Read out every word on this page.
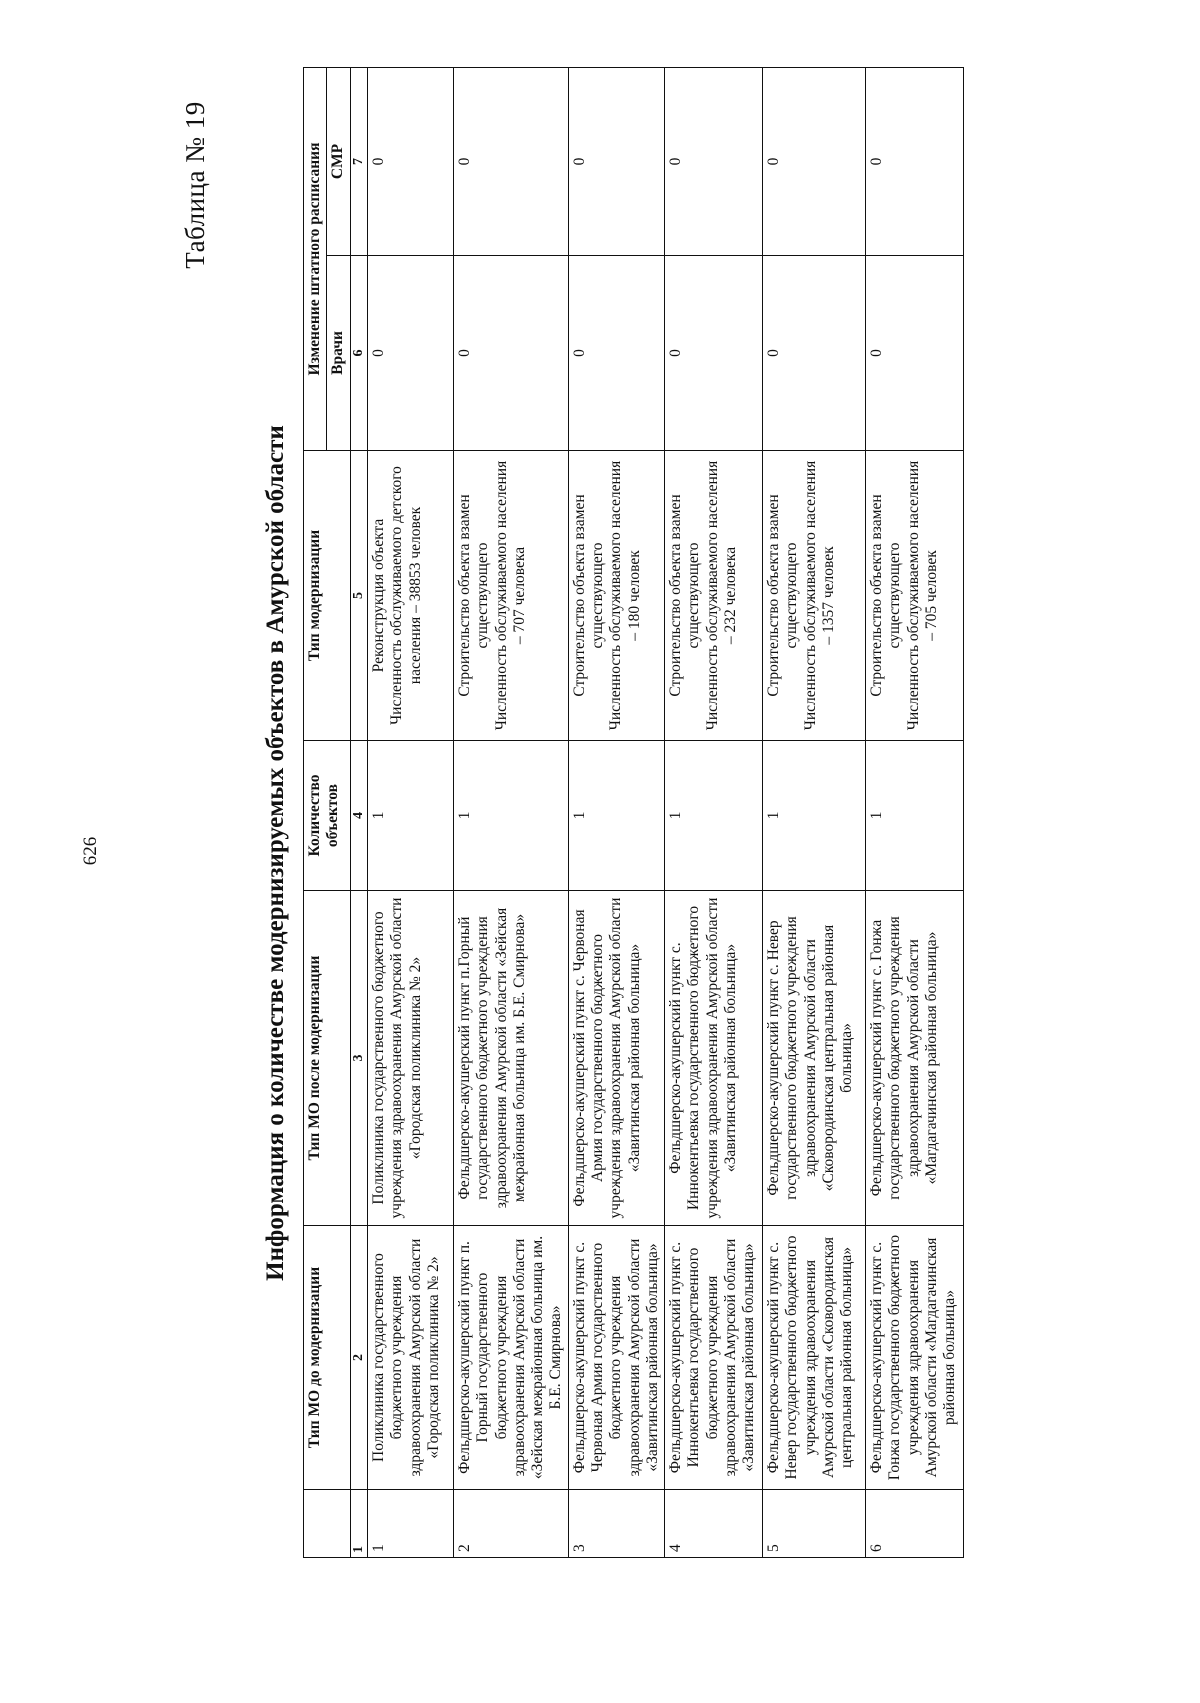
626
Таблица № 19
Информация о количестве модернизируемых объектов в Амурской области
	Тип МО до модернизации	Тип МО после модернизации	Количество объектов	Тип модернизации	Изменение штатного расписания	
					Врачи	СМР
1	2	3	4	5	6	7
1	Поликлиника государственного бюджетного учреждения здравоохранения Амурской области «Городская поликлиника № 2»	Поликлиника государственного бюджетного учреждения здравоохранения Амурской области «Городская поликлиника № 2»	1	Реконструкция объекта Численность обслуживаемого детского населения – 38853 человек	0	0
2	Фельдшерско-акушерский пункт п. Горный государственного бюджетного учреждения здравоохранения Амурской области «Зейская межрайонная больница им. Б.Е. Смирнова»	Фельдшерско-акушерский пункт п.Горный государственного бюджетного учреждения здравоохранения Амурской области «Зейская межрайонная больница им. Б.Е. Смирнова»	1	Строительство объекта взамен существующего Численность обслуживаемого населения – 707 человека	0	0
3	Фельдшерско-акушерский пункт с. Червоная Армия государственного бюджетного учреждения здравоохранения Амурской области «Завитинская районная больница»	Фельдшерско-акушерский пункт с. Червоная Армия государственного бюджетного учреждения здравоохранения Амурской области «Завитинская районная больница»	1	Строительство объекта взамен существующего Численность обслуживаемого населения – 180 человек	0	0
4	Фельдшерско-акушерский пункт с. Иннокентьевка государственного бюджетного учреждения здравоохранения Амурской области «Завитинская районная больница»	Фельдшерско-акушерский пункт с. Иннокентьевка государственного бюджетного учреждения здравоохранения Амурской области «Завитинская районная больница»	1	Строительство объекта взамен существующего Численность обслуживаемого населения – 232 человека	0	0
5	Фельдшерско-акушерский пункт с. Невер государственного бюджетного учреждения здравоохранения Амурской области «Сковородинская центральная районная больница»	Фельдшерско-акушерский пункт с. Невер государственного бюджетного учреждения здравоохранения Амурской области «Сковородинская центральная районная больница»	1	Строительство объекта взамен существующего Численность обслуживаемого населения – 1357 человек	0	0
6	Фельдшерско-акушерский пункт с. Гонжа государственного бюджетного учреждения здравоохранения Амурской области «Магдагачинская районная больница»	Фельдшерско-акушерский пункт с. Гонжа государственного бюджетного учреждения здравоохранения Амурской области «Магдагачинская районная больница»	1	Строительство объекта взамен существующего Численность обслуживаемого населения – 705 человек	0	0
